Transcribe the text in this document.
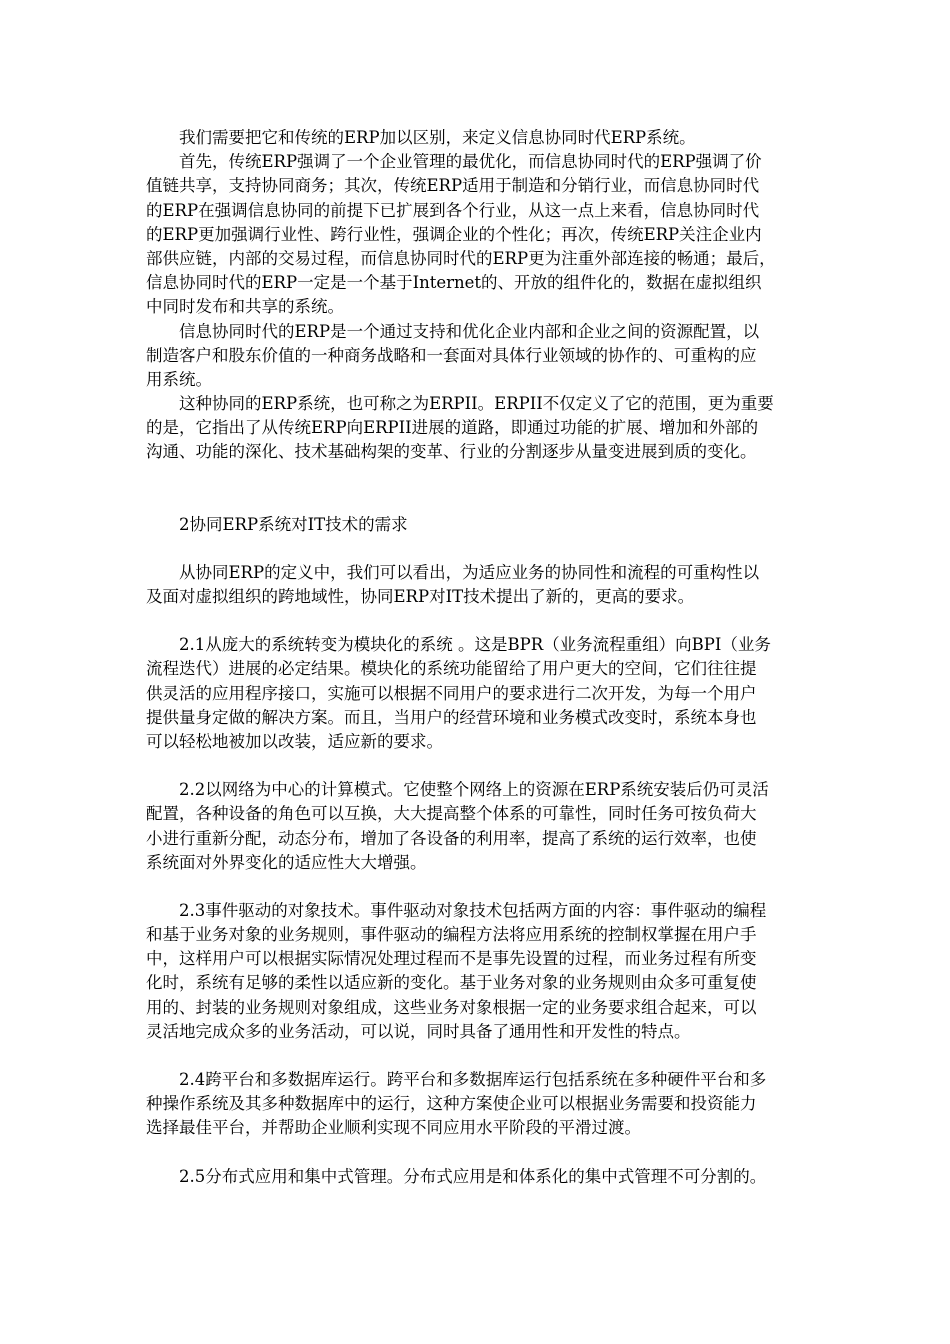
我们需要把它和传统的ERP加以区别，来定义信息协同时代ERP系统。
首先，传统ERP强调了一个企业管理的最优化，而信息协同时代的ERP强调了价
值链共享，支持协同商务；其次，传统ERP适用于制造和分销行业，而信息协同时代
的ERP在强调信息协同的前提下已扩展到各个行业，从这一点上来看，信息协同时代
的ERP更加强调行业性、跨行业性，强调企业的个性化；再次，传统ERP关注企业内
部供应链，内部的交易过程，而信息协同时代的ERP更为注重外部连接的畅通；最后，
信息协同时代的ERP一定是一个基于Internet的、开放的组件化的，数据在虚拟组织
中同时发布和共享的系统。
信息协同时代的ERP是一个通过支持和优化企业内部和企业之间的资源配置，以
制造客户和股东价值的一种商务战略和一套面对具体行业领域的协作的、可重构的应
用系统。
这种协同的ERP系统，也可称之为ERPII。ERPII不仅定义了它的范围，更为重要
的是，它指出了从传统ERP向ERPII进展的道路，即通过功能的扩展、增加和外部的
沟通、功能的深化、技术基础构架的变革、行业的分割逐步从量变进展到质的变化。
2协同ERP系统对IT技术的需求
从协同ERP的定义中，我们可以看出，为适应业务的协同性和流程的可重构性以
及面对虚拟组织的跨地域性，协同ERP对IT技术提出了新的，更高的要求。
2.1从庞大的系统转变为模块化的系统 。这是BPR（业务流程重组）向BPI（业务
流程迭代）进展的必定结果。模块化的系统功能留给了用户更大的空间，它们往往提
供灵活的应用程序接口，实施可以根据不同用户的要求进行二次开发，为每一个用户
提供量身定做的解决方案。而且，当用户的经营环境和业务模式改变时，系统本身也
可以轻松地被加以改装，适应新的要求。
2.2以网络为中心的计算模式。它使整个网络上的资源在ERP系统安装后仍可灵活
配置，各种设备的角色可以互换，大大提高整个体系的可靠性，同时任务可按负荷大
小进行重新分配，动态分布，增加了各设备的利用率，提高了系统的运行效率，也使
系统面对外界变化的适应性大大增强。
2.3事件驱动的对象技术。事件驱动对象技术包括两方面的内容：事件驱动的编程
和基于业务对象的业务规则，事件驱动的编程方法将应用系统的控制权掌握在用户手
中，这样用户可以根据实际情况处理过程而不是事先设置的过程，而业务过程有所变
化时，系统有足够的柔性以适应新的变化。基于业务对象的业务规则由众多可重复使
用的、封装的业务规则对象组成，这些业务对象根据一定的业务要求组合起来，可以
灵活地完成众多的业务活动，可以说，同时具备了通用性和开发性的特点。
2.4跨平台和多数据库运行。跨平台和多数据库运行包括系统在多种硬件平台和多
种操作系统及其多种数据库中的运行，这种方案使企业可以根据业务需要和投资能力
选择最佳平台，并帮助企业顺利实现不同应用水平阶段的平滑过渡。
2.5分布式应用和集中式管理。分布式应用是和体系化的集中式管理不可分割的。
